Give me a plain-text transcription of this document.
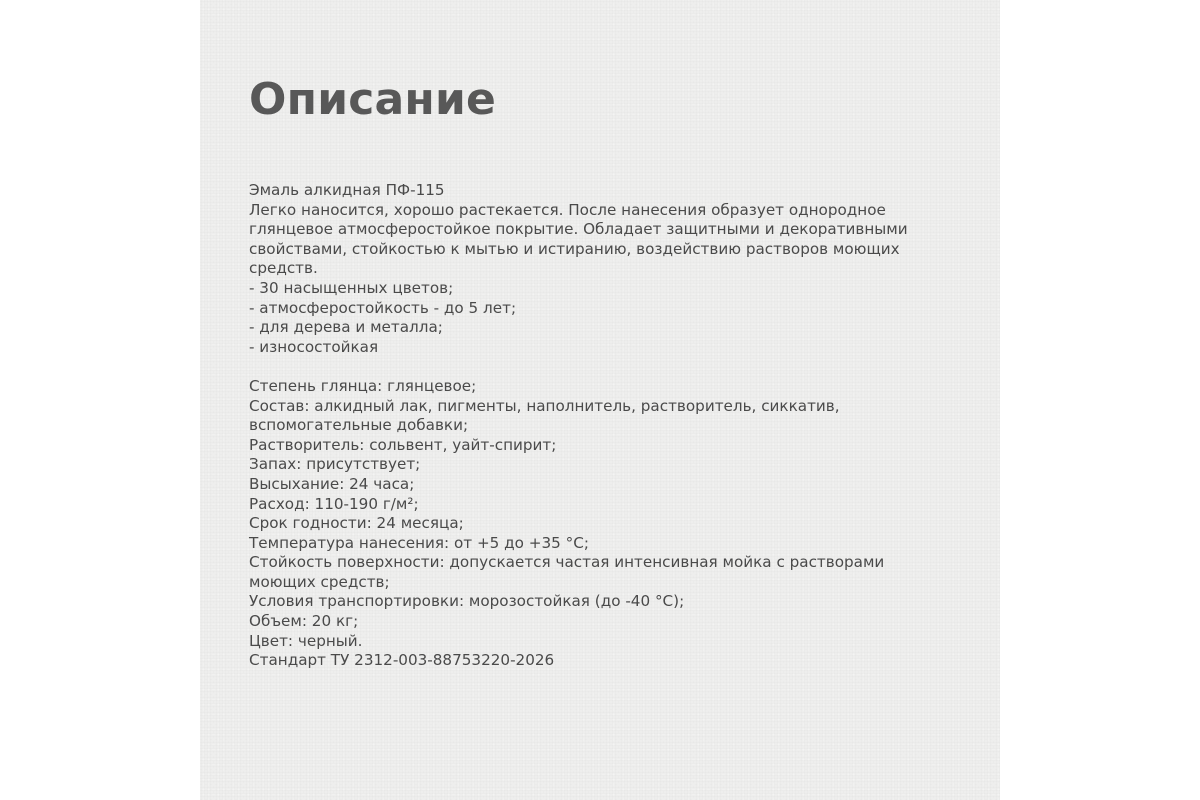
Описание
Эмаль алкидная ПФ-115
Легко наносится, хорошо растекается. После нанесения образует однородное
глянцевое атмосферостойкое покрытие. Обладает защитными и декоративными
свойствами, стойкостью к мытью и истиранию, воздействию растворов моющих
средств.
- 30 насыщенных цветов;
- атмосферостойкость - до 5 лет;
- для дерева и металла;
- износостойкая
Степень глянца: глянцевое;
Состав: алкидный лак, пигменты, наполнитель, растворитель, сиккатив,
вспомогательные добавки;
Растворитель: сольвент, уайт-спирит;
Запах: присутствует;
Высыхание: 24 часа;
Расход: 110-190 г/м²;
Срок годности: 24 месяца;
Температура нанесения: от +5 до +35 °С;
Стойкость поверхности: допускается частая интенсивная мойка с растворами
моющих средств;
Условия транспортировки: морозостойкая (до -40 °С);
Объем: 20 кг;
Цвет: черный.
Стандарт ТУ 2312-003-88753220-2026
